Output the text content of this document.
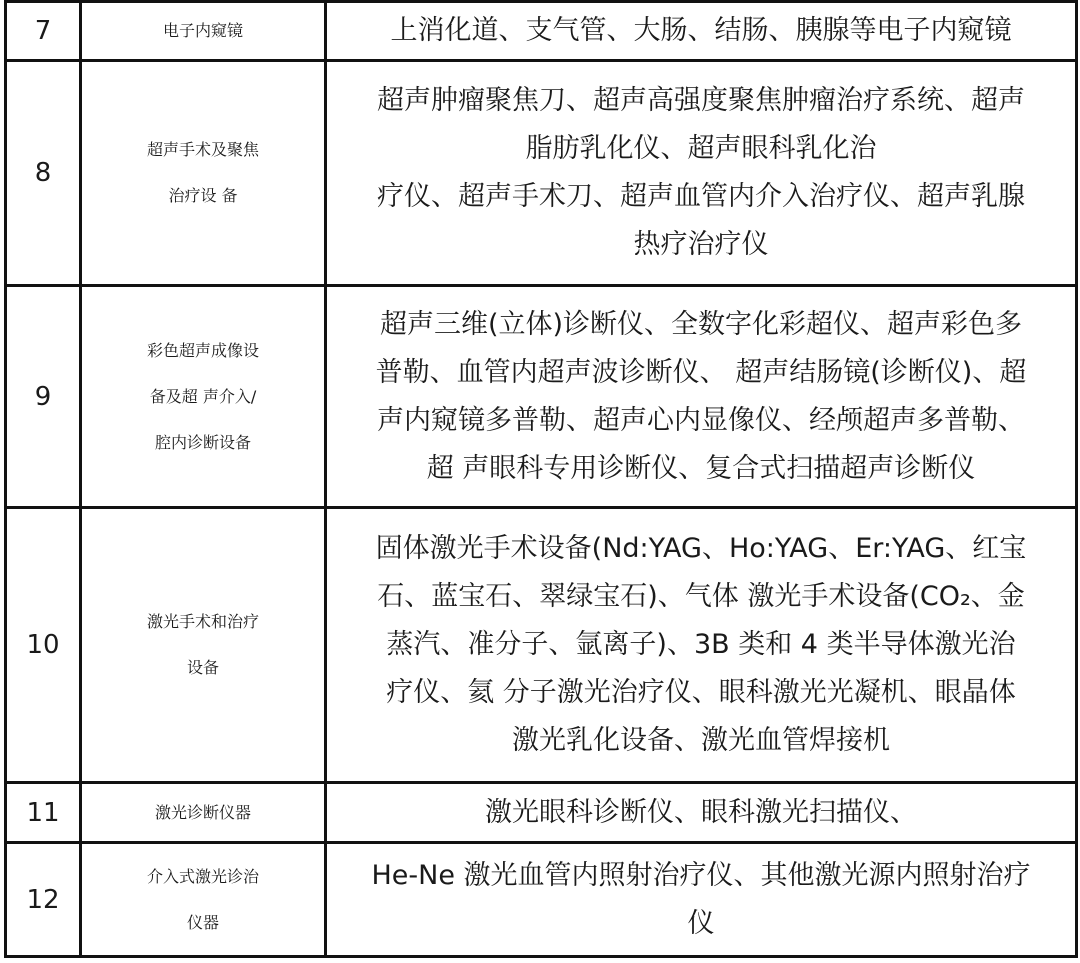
7	电子内窥镜	上消化道、支气管、大肠、结肠、胰腺等电子内窥镜

8	超声手术及聚焦
治疗设 备	超声肿瘤聚焦刀、超声高强度聚焦肿瘤治疗系统、超声
脂肪乳化仪、超声眼科乳化治
疗仪、超声手术刀、超声血管内介入治疗仪、超声乳腺
热疗治疗仪

9	彩色超声成像设
备及超 声介入/
腔内诊断设备	超声三维(立体)诊断仪、全数字化彩超仪、超声彩色多
普勒、血管内超声波诊断仪、 超声结肠镜(诊断仪)、超
声内窥镜多普勒、超声心内显像仪、经颅超声多普勒、
超 声眼科专用诊断仪、复合式扫描超声诊断仪

10	激光手术和治疗
设备	固体激光手术设备(Nd:YAG、Ho:YAG、Er:YAG、红宝
石、蓝宝石、翠绿宝石)、气体 激光手术设备(CO₂、金
蒸汽、准分子、氩离子)、3B 类和 4 类半导体激光治
疗仪、氦 分子激光治疗仪、眼科激光光凝机、眼晶体
激光乳化设备、激光血管焊接机

11	激光诊断仪器	激光眼科诊断仪、眼科激光扫描仪、

12	介入式激光诊治
仪器	He-Ne 激光血管内照射治疗仪、其他激光源内照射治疗
仪
